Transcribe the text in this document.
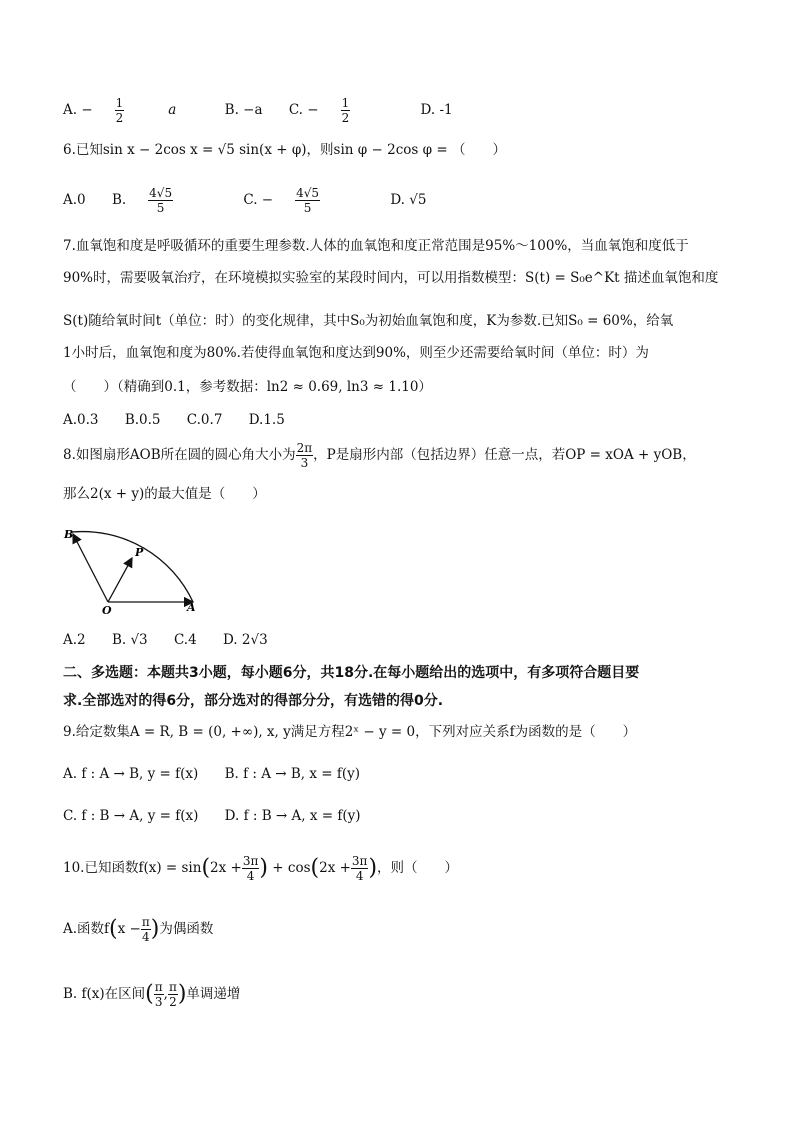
A. − $\frac{1}{2}$ a	B. −a C. − $\frac{1}{2}$	D. -1
6.已知sin x − 2cos x = √5 sin(x + φ)，则sin φ − 2cos φ = （　　）
A.0 B. $\frac{4√5}{5}$	C. − $\frac{4√5}{5}$	D. √5
7.血氧饱和度是呼吸循环的重要生理参数.人体的血氧饱和度正常范围是95%～100%，当血氧饱和度低于
90%时，需要吸氧治疗，在环境模拟实验室的某段时间内，可以用指数模型：S(t) = S₀e^Kt 描述血氧饱和度
S(t)随给氧时间t（单位：时）的变化规律，其中S₀为初始血氧饱和度，K为参数.已知S₀ = 60%，给氧
1小时后，血氧饱和度为80%.若使得血氧饱和度达到90%，则至少还需要给氧时间（单位：时）为
（　　）（精确到0.1，参考数据：ln2 ≈ 0.69, ln3 ≈ 1.10）
A.0.3 B.0.5 C.0.7 D.1.5
8.如图扇形AOB所在圆的圆心角大小为 $\frac{2\pi}{3}$ ，P是扇形内部（包括边界）任意一点，若OP = xOA + yOB，
那么2(x + y)的最大值是（　　）
O	A
B
P
A.2 B. √3 C.4 D. 2√3
二、多选题：本题共3小题，每小题6分，共18分.在每小题给出的选项中，有多项符合题目要
求.全部选对的得6分，部分选对的得部分分，有选错的得0分.
9.给定数集A = R, B = (0, +∞), x, y满足方程2ˣ − y = 0，下列对应关系f为函数的是（　　）
A. f : A → B, y = f(x) B. f : A → B, x = f(y)
C. f : B → A, y = f(x) D. f : B → A, x = f(y)
10.已知函数$f(x) = \sin(2x + \frac{3\pi}{4}$ ) + $\cos(2x + \frac{3\pi}{4}$ )，则（　　）
A.函数$f(x - \frac{\pi}{4}$ )为偶函数
B. f(x)在区间( $\frac{\pi}{3}$ , $\frac{\pi}{2}$ )单调递增
